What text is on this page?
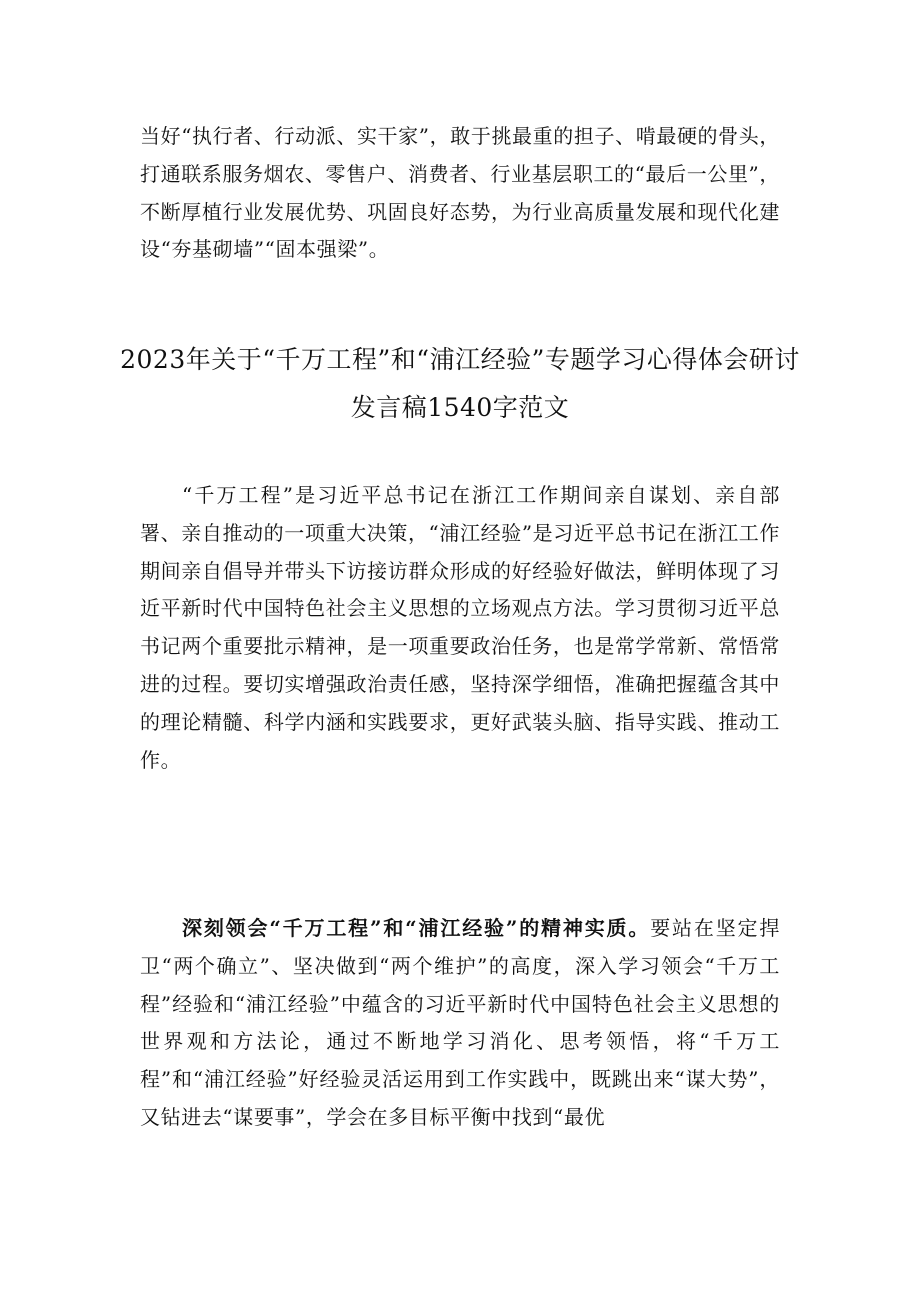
当好“执行者、行动派、实干家”，敢于挑最重的担子、啃最硬的骨头，打通联系服务烟农、零售户、消费者、行业基层职工的“最后一公里”，不断厚植行业发展优势、巩固良好态势，为行业高质量发展和现代化建设“夯基砌墙”“固本强梁”。

2023年关于“千万工程”和“浦江经验”专题学习心得体会研讨发言稿1540字范文

“千万工程”是习近平总书记在浙江工作期间亲自谋划、亲自部署、亲自推动的一项重大决策，“浦江经验”是习近平总书记在浙江工作期间亲自倡导并带头下访接访群众形成的好经验好做法，鲜明体现了习近平新时代中国特色社会主义思想的立场观点方法。学习贯彻习近平总书记两个重要批示精神，是一项重要政治任务，也是常学常新、常悟常进的过程。要切实增强政治责任感，坚持深学细悟，准确把握蕴含其中的理论精髓、科学内涵和实践要求，更好武装头脑、指导实践、推动工作。

深刻领会“千万工程”和“浦江经验”的精神实质。要站在坚定捍卫“两个确立”、坚决做到“两个维护”的高度，深入学习领会“千万工程”经验和“浦江经验”中蕴含的习近平新时代中国特色社会主义思想的世界观和方法论，通过不断地学习消化、思考领悟，将“千万工程”和“浦江经验”好经验灵活运用到工作实践中，既跳出来“谋大势”，又钻进去“谋要事”，学会在多目标平衡中找到“最优
